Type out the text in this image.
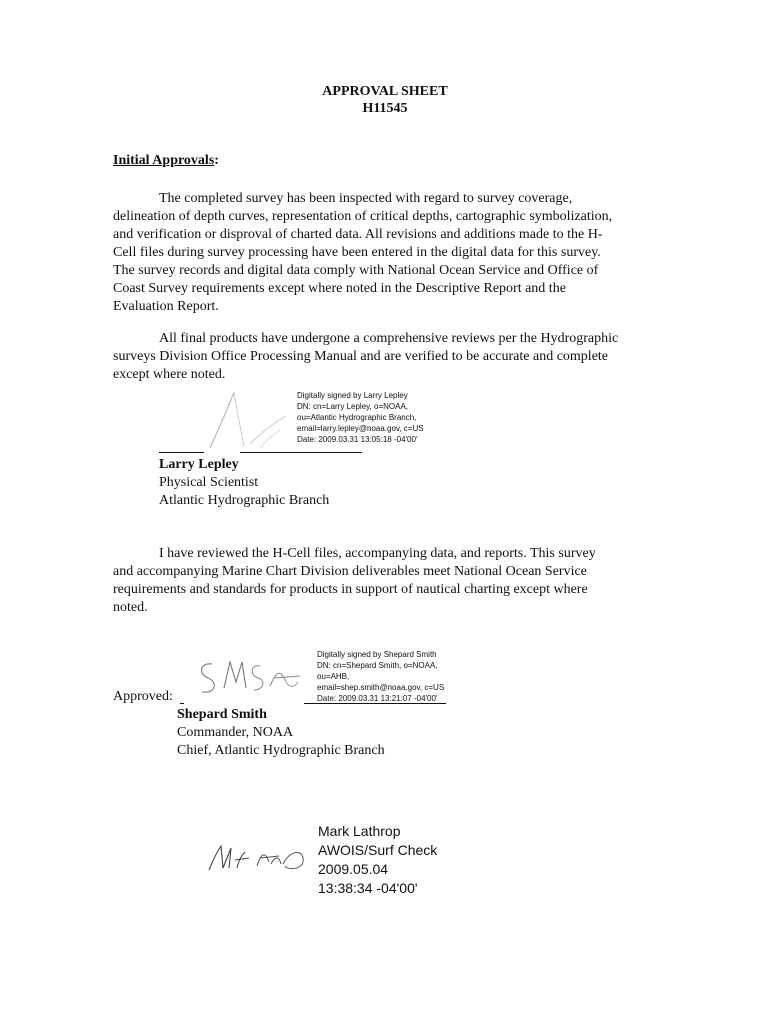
APPROVAL SHEET
H11545
Initial Approvals:
The completed survey has been inspected with regard to survey coverage,
delineation of depth curves, representation of critical depths, cartographic symbolization,
and verification or disproval of charted data. All revisions and additions made to the H-
Cell files during survey processing have been entered in the digital data for this survey.
The survey records and digital data comply with National Ocean Service and Office of
Coast Survey requirements except where noted in the Descriptive Report and the
Evaluation Report.
All final products have undergone a comprehensive reviews per the Hydrographic
surveys Division Office Processing Manual and are verified to be accurate and complete
except where noted.
Digitally signed by Larry Lepley
DN: cn=Larry Lepley, o=NOAA,
ou=Atlantic Hydrographic Branch,
email=larry.lepley@noaa.gov, c=US
Date: 2009.03.31 13:05:18 -04'00'
Larry Lepley
Physical Scientist
Atlantic Hydrographic Branch
I have reviewed the H-Cell files, accompanying data, and reports. This survey
and accompanying Marine Chart Division deliverables meet National Ocean Service
requirements and standards for products in support of nautical charting except where
noted.
Approved:
Digitally signed by Shepard Smith
DN: cn=Shepard Smith, o=NOAA,
ou=AHB,
email=shep.smith@noaa.gov, c=US
Date: 2009.03.31 13:21:07 -04'00'
Shepard Smith
Commander, NOAA
Chief, Atlantic Hydrographic Branch
Mark Lathrop
AWOIS/Surf Check
2009.05.04
13:38:34 -04'00'
